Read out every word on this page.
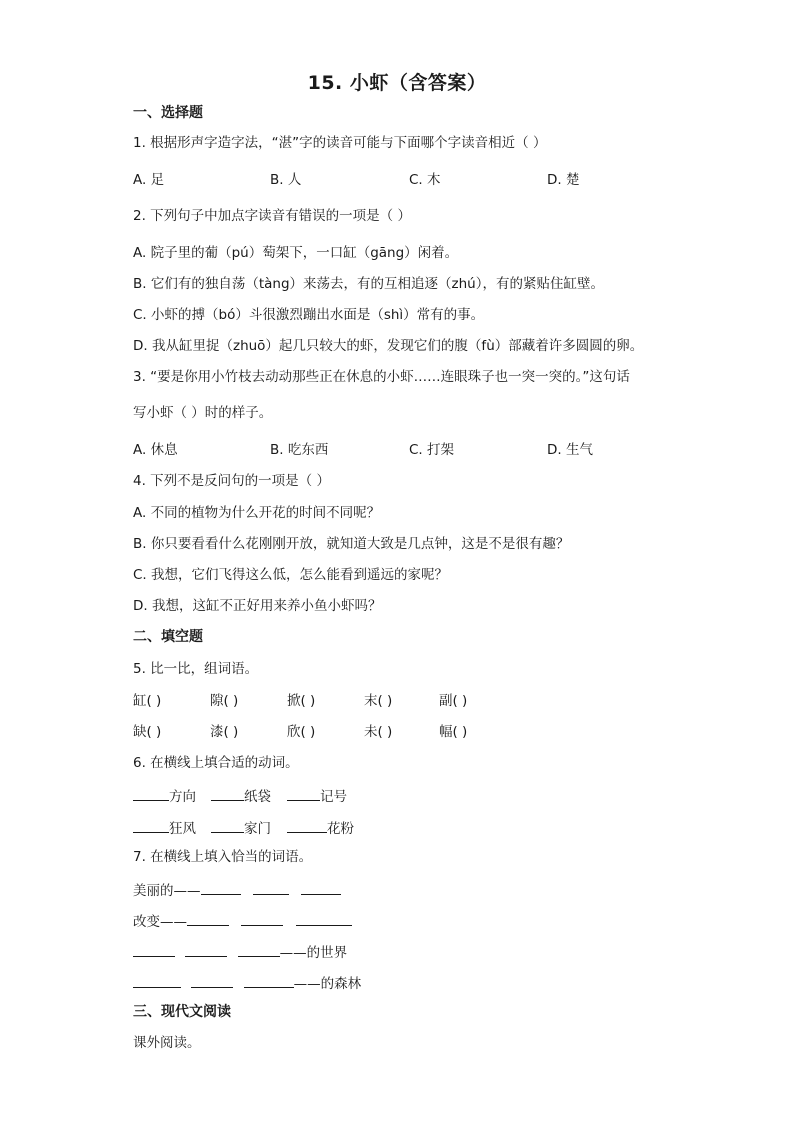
15. 小虾（含答案）
一、选择题
1. 根据形声字造字法，“湛”字的读音可能与下面哪个字读音相近（ ）
A. 足	B. 人	C. 木	D. 楚
2. 下列句子中加点字读音有错误的一项是（ ）
A. 院子里的葡（pú）萄架下，一口缸（gāng）闲着。
B. 它们有的独自荡（tàng）来荡去，有的互相追逐（zhú），有的紧贴住缸壁。
C. 小虾的搏（bó）斗很激烈蹦出水面是（shì）常有的事。
D. 我从缸里捉（zhuō）起几只较大的虾，发现它们的腹（fù）部藏着许多圆圆的卵。
3. “要是你用小竹枝去动动那些正在休息的小虾……连眼珠子也一突一突的。”这句话
写小虾（ ）时的样子。
A. 休息	B. 吃东西	C. 打架	D. 生气
4. 下列不是反问句的一项是（ ）
A. 不同的植物为什么开花的时间不同呢？
B. 你只要看看什么花刚刚开放，就知道大致是几点钟，这是不是很有趣？
C. 我想，它们飞得这么低，怎么能看到遥远的家呢？
D. 我想，这缸不正好用来养小鱼小虾吗？
二、填空题
5. 比一比，组词语。
缸( )	隙( )	掀( )	末( )	副( )
缺( )	漆( )	欣( )	未( )	幅( )
6. 在横线上填合适的动词。
方向	纸袋	记号
狂风	家门	花粉
7. 在横线上填入恰当的词语。
美丽的——
改变——
——的世界
——的森林
三、现代文阅读
课外阅读。
